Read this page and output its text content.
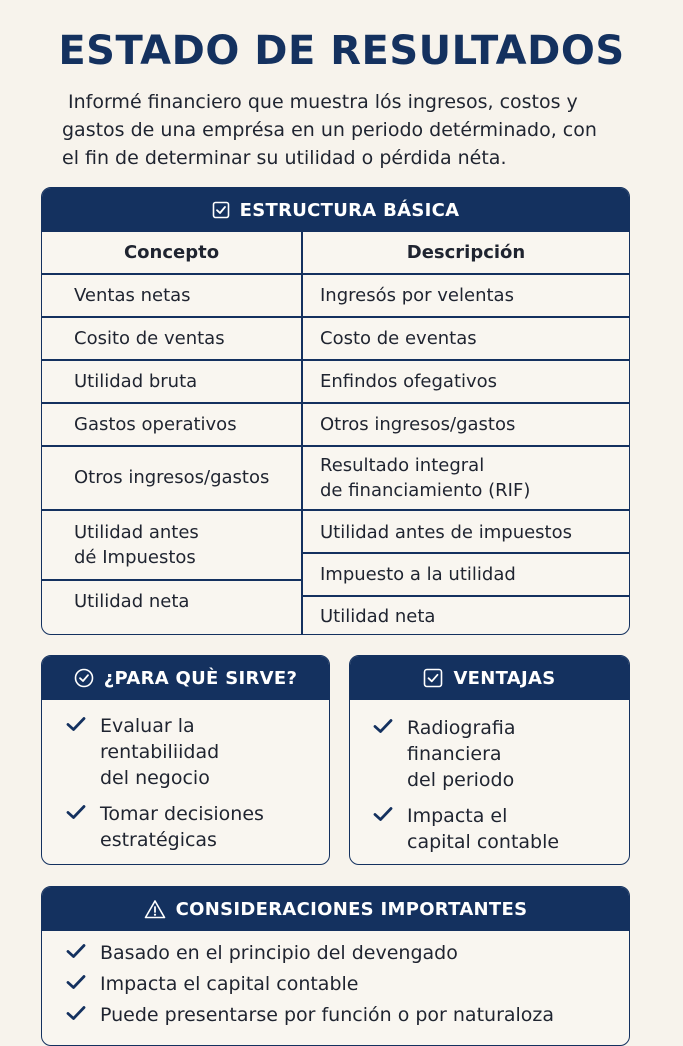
ESTADO DE RESULTADOS
Informé financiero que muestra lós ingresos, costos y
gastos de una emprésa en un periodo detérminado, con
el fin de determinar su utilidad o pérdida néta.
ESTRUCTURA BÁSICA
Concepto	Descripción
Ventas netas
Cosito de ventas
Utilidad bruta
Gastos operativos
Otros ingresos/gastos
Utilidad antes
dé Impuestos
Utilidad neta
Ingresós por velentas
Costo de eventas
Enfindos ofegativos
Otros ingresos/gastos
Resultado integral
de financiamiento (RIF)
Utilidad antes de impuestos
Impuesto a la utilidad
Utilidad neta
¿PARA QUÈ SIRVE?
Evaluar la
rentabiliidad
del negocio
Tomar decisiones
estratégicas
VENTAJAS
Radiografia
financiera
del periodo
Impacta el
capital contable
CONSIDERACIONES IMPORTANTES
Basado en el principio del devengado
Impacta el capital contable
Puede presentarse por función o por naturaloza
